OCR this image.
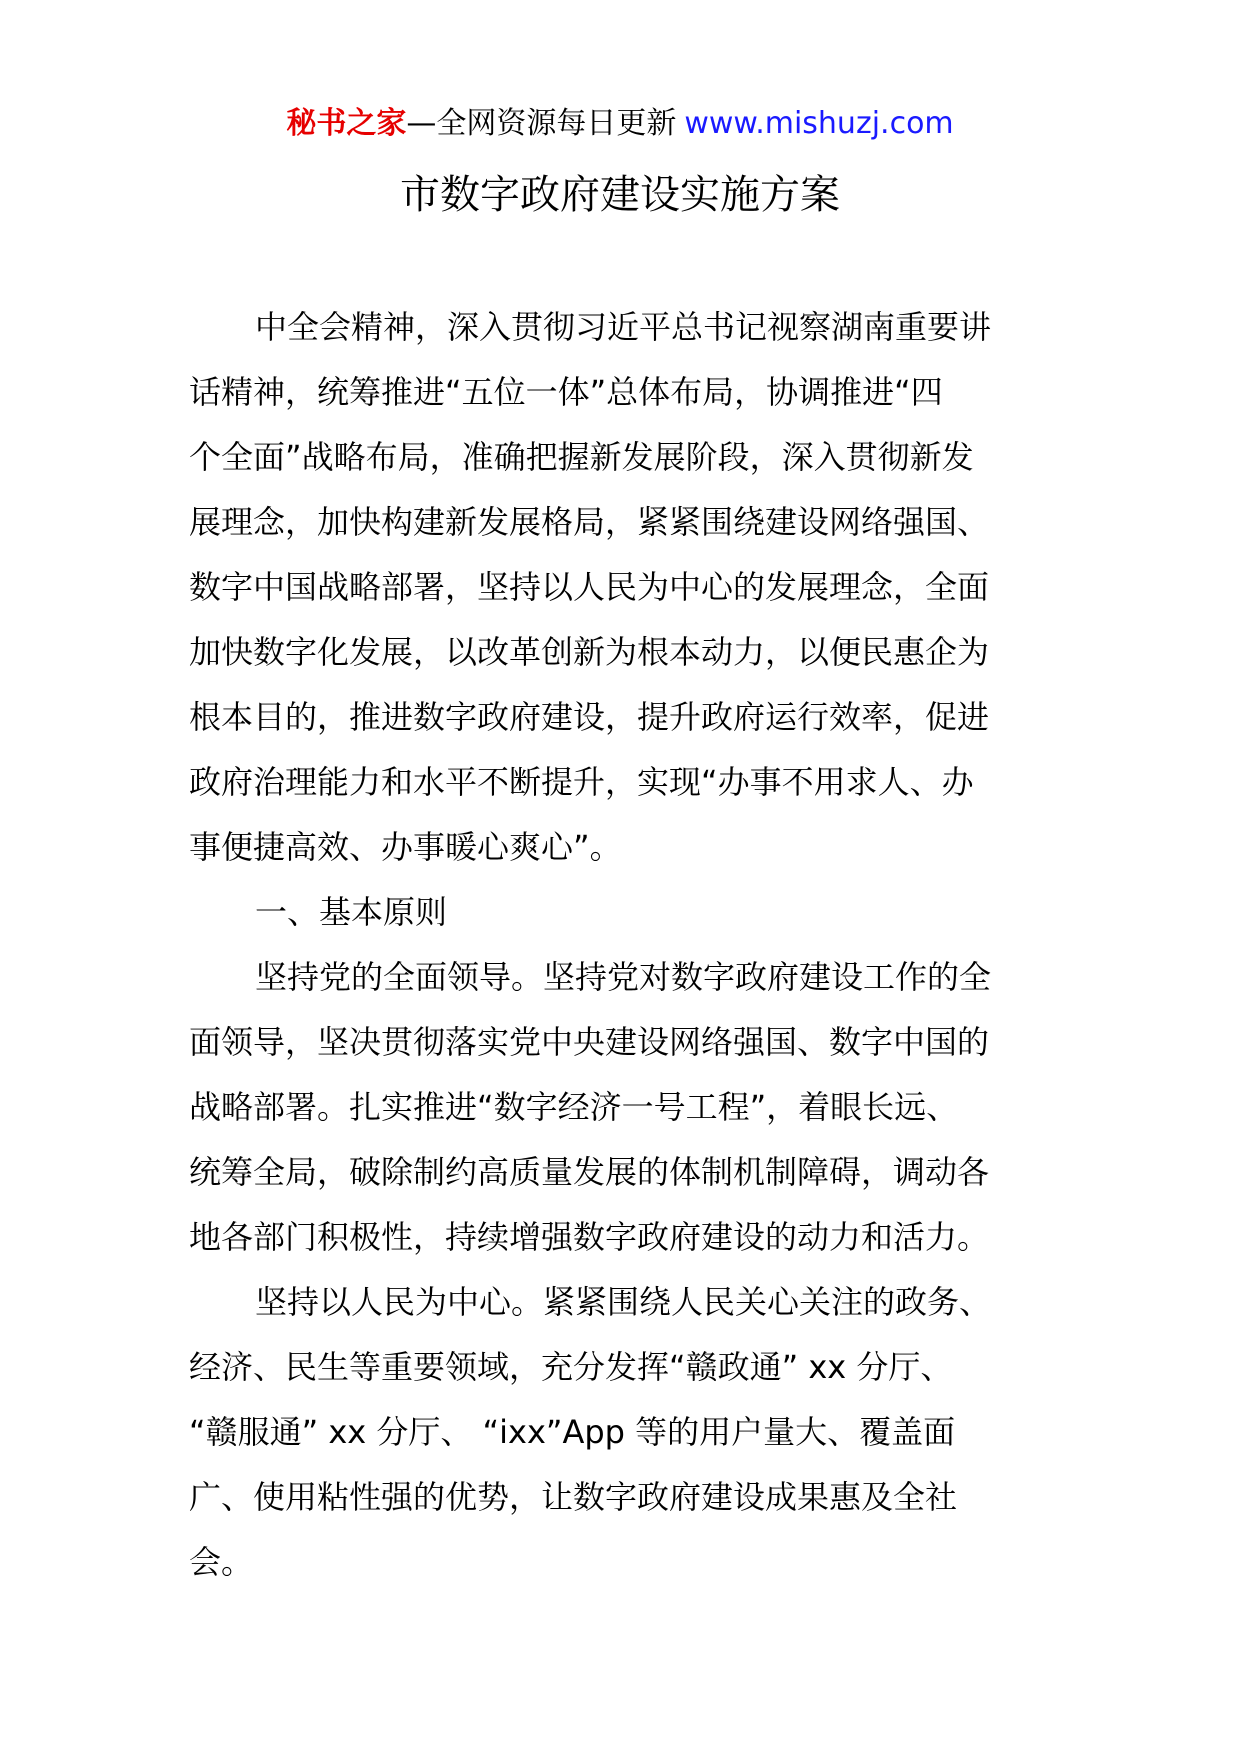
秘书之家—全网资源每日更新 www.mishuzj.com
市数字政府建设实施方案

中全会精神，深入贯彻习近平总书记视察湖南重要讲
话精神，统筹推进“五位一体”总体布局，协调推进“四
个全面”战略布局，准确把握新发展阶段，深入贯彻新发
展理念，加快构建新发展格局，紧紧围绕建设网络强国、
数字中国战略部署，坚持以人民为中心的发展理念，全面
加快数字化发展，以改革创新为根本动力，以便民惠企为
根本目的，推进数字政府建设，提升政府运行效率，促进
政府治理能力和水平不断提升，实现“办事不用求人、办
事便捷高效、办事暖心爽心”。

一、基本原则

坚持党的全面领导。坚持党对数字政府建设工作的全
面领导，坚决贯彻落实党中央建设网络强国、数字中国的
战略部署。扎实推进“数字经济一号工程”，着眼长远、
统筹全局，破除制约高质量发展的体制机制障碍，调动各
地各部门积极性，持续增强数字政府建设的动力和活力。

坚持以人民为中心。紧紧围绕人民关心关注的政务、
经济、民生等重要领域，充分发挥“赣政通” xx 分厅、
“赣服通” xx 分厅、 “ixx”App 等的用户量大、覆盖面
广、使用粘性强的优势，让数字政府建设成果惠及全社
会。
